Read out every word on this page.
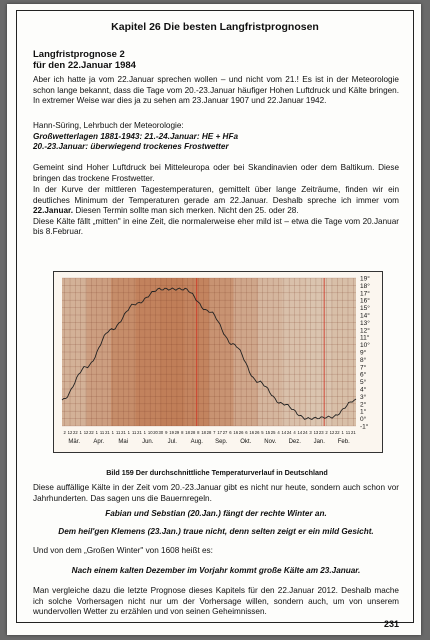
Kapitel 26 Die besten Langfristprognosen
Langfristprognose 2
für den 22.Januar 1984
Aber ich hatte ja vom 22.Januar sprechen wollen – und nicht vom 21.! Es ist in der Meteorologie schon lange bekannt, dass die Tage vom 20.-23.Januar häufiger Hohen Luftdruck und Kälte bringen. In extremer Weise war dies ja zu sehen am 23.Januar 1907 und 22.Januar 1942.
Hann-Süring, Lehrbuch der Meteorologie:
Großwetterlagen 1881-1943: 21.-24.Januar: HE + HFa
20.-23.Januar: überwiegend trockenes Frostwetter
Gemeint sind Hoher Luftdruck bei Mitteleuropa oder bei Skandinavien oder dem Baltikum. Diese bringen das trockene Frostwetter.
In der Kurve der mittleren Tagestemperaturen, gemittelt über lange Zeiträume, finden wir ein deutliches Minimum der Temperaturen gerade am 22.Januar. Deshalb spreche ich immer vom 22.Januar. Diesen Termin sollte man sich merken. Nicht den 25. oder 28.
Diese Kälte fällt „mitten" in eine Zeit, die normalerweise eher mild ist – etwa die Tage vom 20.Januar bis 8.Februar.
19°
18°
17°
16°
15°
14°
13°
12°
11°
10°
9°
8°
7°
6°
5°
4°
3°
2°
1°
0°
-1°
2 12 22 1 12 22 1 11 21 1 11 21 1 11 21 1 10 20 30 9 19 29 8 18 28 8 18 28 7 17 27 6 16 26 6 16 26 5 15 25 4 14 24 4 14 24 3 13 23 2 12 22 1 11 21
Mär. Apr. Mai Jun. Jul. Aug. Sep. Okt. Nov. Dez. Jan. Feb.
Bild 159 Der durchschnittliche Temperaturverlauf in Deutschland
Diese auffällige Kälte in der Zeit vom 20.-23.Januar gibt es nicht nur heute, sondern auch schon vor Jahrhunderten. Das sagen uns die Bauernregeln.
Fabian und Sebstian (20.Jan.) fängt der rechte Winter an.
Dem heil'gen Klemens (23.Jan.) traue nicht, denn selten zeigt er ein mild Gesicht.
Und von dem „Großen Winter" von 1608 heißt es:
Nach einem kalten Dezember im Vorjahr kommt große Kälte am 23.Januar.
Man vergleiche dazu die letzte Prognose dieses Kapitels für den 22.Januar 2012. Deshalb mache ich solche Vorhersagen nicht nur um der Vorhersage willen, sondern auch, um von unserem wundervollen Wetter zu erzählen und von seinen Geheimnissen.
231
